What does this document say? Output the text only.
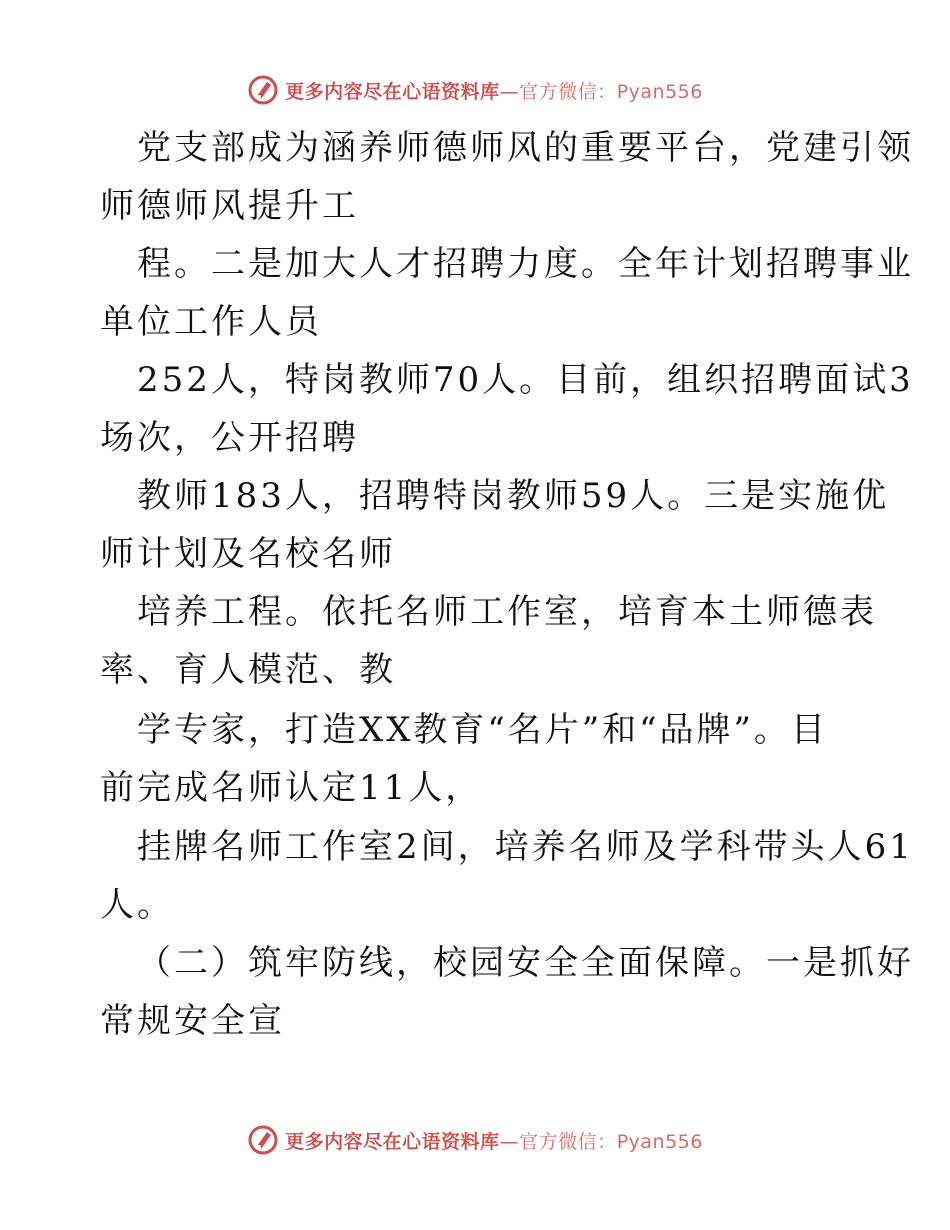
更多内容尽在心语资料库—官方微信：Pyan556
党支部成为涵养师德师风的重要平台，党建引领
师德师风提升工
程。二是加大人才招聘力度。全年计划招聘事业
单位工作人员
252人，特岗教师70人。目前，组织招聘面试3
场次，公开招聘
教师183人，招聘特岗教师59人。三是实施优
师计划及名校名师
培养工程。依托名师工作室，培育本土师德表
率、育人模范、教
学专家，打造XX教育“名片”和“品牌”。目
前完成名师认定11人，
挂牌名师工作室2间，培养名师及学科带头人61
人。
（二）筑牢防线，校园安全全面保障。一是抓好
常规安全宣
更多内容尽在心语资料库—官方微信：Pyan556
